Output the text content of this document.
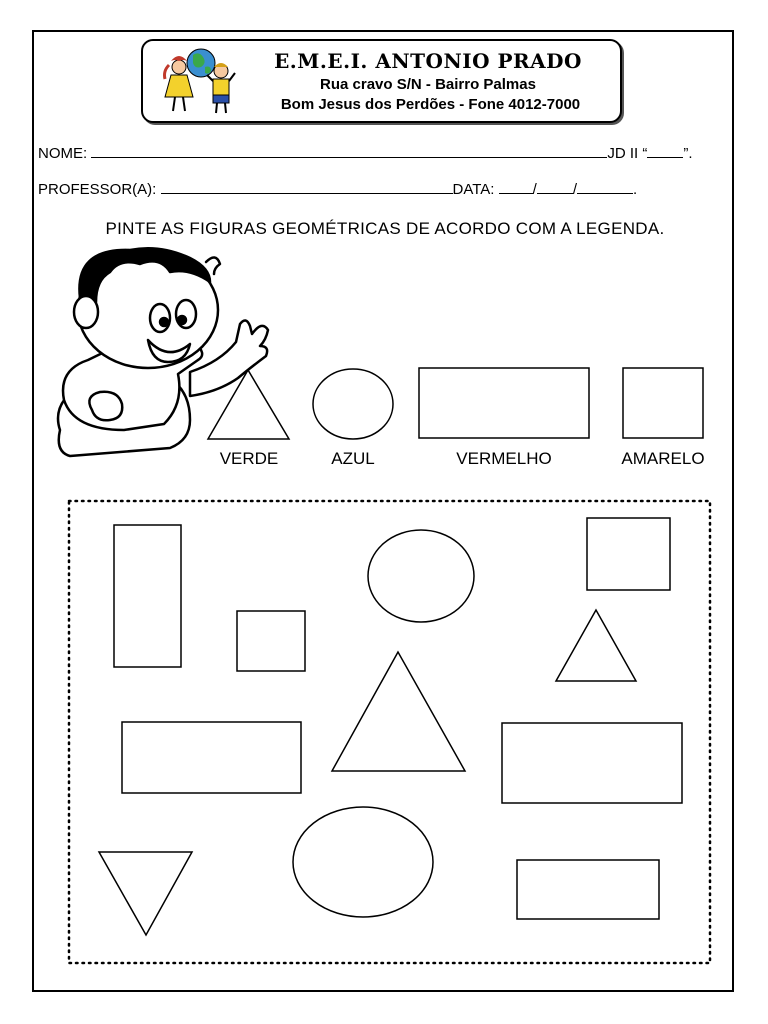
E.M.E.I. ANTONIO PRADO
Rua cravo S/N - Bairro Palmas
Bom Jesus dos Perdões - Fone 4012-7000
NOME:	JD II “ ”.
PROFESSOR(A):	DATA:	/ /	.
PINTE AS FIGURAS GEOMÉTRICAS DE ACORDO COM A LEGENDA.
VERDE	AZUL	VERMELHO	AMARELO
